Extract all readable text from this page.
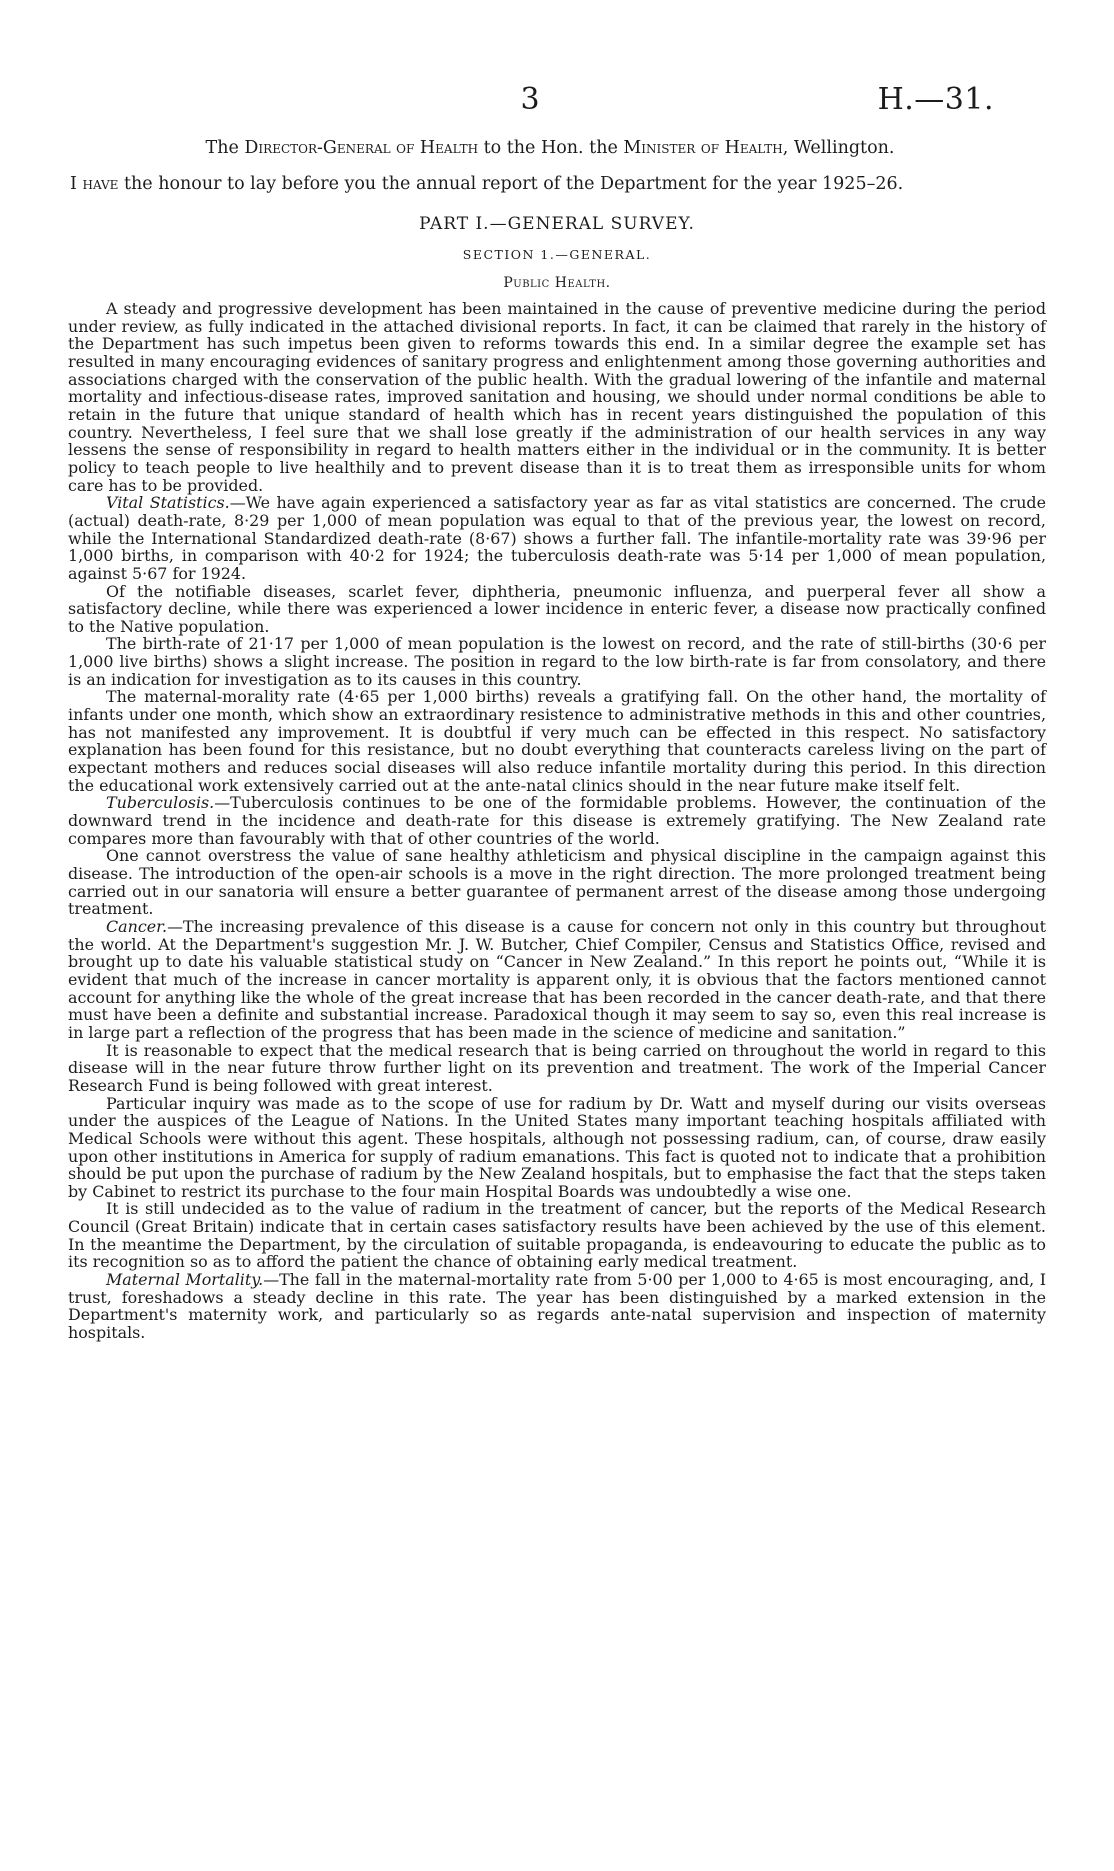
3	H.—31.
The Director-General of Health to the Hon. the Minister of Health, Wellington.
I have the honour to lay before you the annual report of the Department for the year 1925–26.
PART I.—GENERAL SURVEY.
SECTION 1.—GENERAL.
Public Health.

A steady and progressive development has been maintained in the cause of preventive medicine during the period under review, as fully indicated in the attached divisional reports. In fact, it can be claimed that rarely in the history of the Department has such impetus been given to reforms towards this end. In a similar degree the example set has resulted in many encouraging evidences of sanitary progress and enlightenment among those governing authorities and associations charged with the conservation of the public health. With the gradual lowering of the infantile and maternal mortality and infectious-disease rates, improved sanitation and housing, we should under normal conditions be able to retain in the future that unique standard of health which has in recent years distinguished the population of this country. Nevertheless, I feel sure that we shall lose greatly if the administration of our health services in any way lessens the sense of responsibility in regard to health matters either in the individual or in the community. It is better policy to teach people to live healthily and to prevent disease than it is to treat them as irresponsible units for whom care has to be provided.

Vital Statistics.—We have again experienced a satisfactory year as far as vital statistics are concerned. The crude (actual) death-rate, 8·29 per 1,000 of mean population was equal to that of the previous year, the lowest on record, while the International Standardized death-rate (8·67) shows a further fall. The infantile-mortality rate was 39·96 per 1,000 births, in comparison with 40·2 for 1924; the tuberculosis death-rate was 5·14 per 1,000 of mean population, against 5·67 for 1924.

Of the notifiable diseases, scarlet fever, diphtheria, pneumonic influenza, and puerperal fever all show a satisfactory decline, while there was experienced a lower incidence in enteric fever, a disease now practically confined to the Native population.

The birth-rate of 21·17 per 1,000 of mean population is the lowest on record, and the rate of still-births (30·6 per 1,000 live births) shows a slight increase. The position in regard to the low birth-rate is far from consolatory, and there is an indication for investigation as to its causes in this country.

The maternal-morality rate (4·65 per 1,000 births) reveals a gratifying fall. On the other hand, the mortality of infants under one month, which show an extraordinary resistence to administrative methods in this and other countries, has not manifested any improvement. It is doubtful if very much can be effected in this respect. No satisfactory explanation has been found for this resistance, but no doubt everything that counteracts careless living on the part of expectant mothers and reduces social diseases will also reduce infantile mortality during this period. In this direction the educational work extensively carried out at the ante-natal clinics should in the near future make itself felt.

Tuberculosis.—Tuberculosis continues to be one of the formidable problems. However, the continuation of the downward trend in the incidence and death-rate for this disease is extremely gratifying. The New Zealand rate compares more than favourably with that of other countries of the world.

One cannot overstress the value of sane healthy athleticism and physical discipline in the campaign against this disease. The introduction of the open-air schools is a move in the right direction. The more prolonged treatment being carried out in our sanatoria will ensure a better guarantee of permanent arrest of the disease among those undergoing treatment.

Cancer.—The increasing prevalence of this disease is a cause for concern not only in this country but throughout the world. At the Department's suggestion Mr. J. W. Butcher, Chief Compiler, Census and Statistics Office, revised and brought up to date his valuable statistical study on “Cancer in New Zealand.” In this report he points out, “While it is evident that much of the increase in cancer mortality is apparent only, it is obvious that the factors mentioned cannot account for anything like the whole of the great increase that has been recorded in the cancer death-rate, and that there must have been a definite and substantial increase. Paradoxical though it may seem to say so, even this real increase is in large part a reflection of the progress that has been made in the science of medicine and sanitation.”

It is reasonable to expect that the medical research that is being carried on throughout the world in regard to this disease will in the near future throw further light on its prevention and treatment. The work of the Imperial Cancer Research Fund is being followed with great interest.

Particular inquiry was made as to the scope of use for radium by Dr. Watt and myself during our visits overseas under the auspices of the League of Nations. In the United States many important teaching hospitals affiliated with Medical Schools were without this agent. These hospitals, although not possessing radium, can, of course, draw easily upon other institutions in America for supply of radium emanations. This fact is quoted not to indicate that a prohibition should be put upon the purchase of radium by the New Zealand hospitals, but to emphasise the fact that the steps taken by Cabinet to restrict its purchase to the four main Hospital Boards was undoubtedly a wise one.

It is still undecided as to the value of radium in the treatment of cancer, but the reports of the Medical Research Council (Great Britain) indicate that in certain cases satisfactory results have been achieved by the use of this element. In the meantime the Department, by the circulation of suitable propaganda, is endeavouring to educate the public as to its recognition so as to afford the patient the chance of obtaining early medical treatment.

Maternal Mortality.—The fall in the maternal-mortality rate from 5·00 per 1,000 to 4·65 is most encouraging, and, I trust, foreshadows a steady decline in this rate. The year has been distinguished by a marked extension in the Department's maternity work, and particularly so as regards ante-natal supervision and inspection of maternity hospitals.
